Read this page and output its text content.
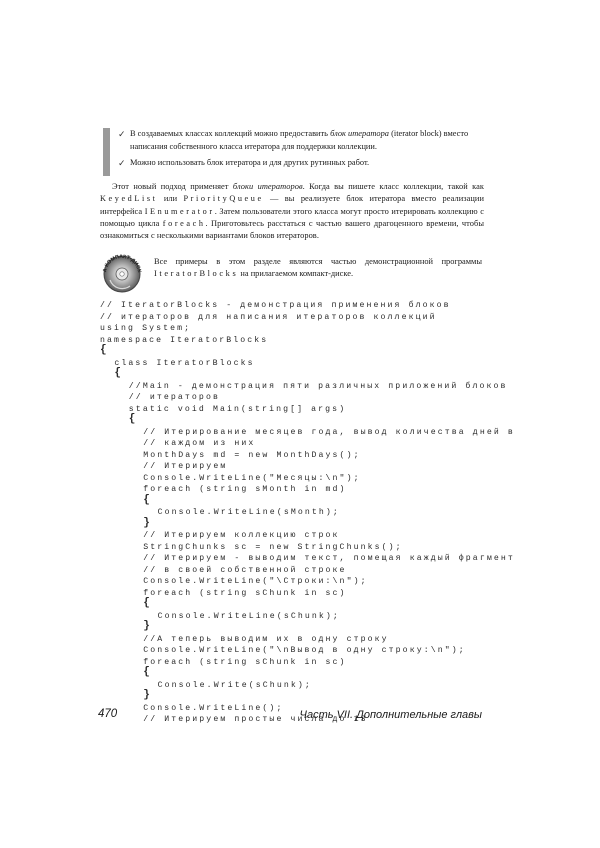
✓ В создаваемых классах коллекций можно предоставить блок итератора (iterator block) вместо написания собственного класса итератора для поддержки коллекции.
✓ Можно использовать блок итератора и для других рутинных работ.
Этот новый подход применяет блоки итераторов. Когда вы пишете класс коллекции, такой как KeyedList или PriorityQueue — вы реализуете блок итератора вместо реализации интерфейса IEnumerator. Затем пользователи этого класса могут просто итерировать коллекцию с помощью цикла foreach. Приготовьтесь расстаться с частью вашего драгоценного времени, чтобы ознакомиться с несколькими вариантами блоков итераторов.
А КОМПАКТ-ДИСК
Все примеры в этом разделе являются частью демонстрационной программы IteratorBlocks на прилагаемом компакт-диске.
// IteratorBlocks - демонстрация применения блоков
// итераторов для написания итераторов коллекций
using System;
namespace IteratorBlocks
{
class IteratorBlocks
{
//Main - демонстрация пяти различных приложений блоков
// итераторов
static void Main(string[] args)
{
// Итерирование месяцев года, вывод количества дней в
// каждом из них
MonthDays md = new MonthDays();
// Итерируем
Console.WriteLine("Месяцы:\n");
foreach (string sMonth in md)
{
Console.WriteLine(sMonth);
}
// Итерируем коллекцию строк
StringChunks sc = new StringChunks();
// Итерируем - выводим текст, помещая каждый фрагмент
// в своей собственной строке
Console.WriteLine("\Строки:\n");
foreach (string sChunk in sc)
{
Console.WriteLine(sChunk);
}
//А теперь выводим их в одну строку
Console.WriteLine("\nВывод в одну строку:\n");
foreach (string sChunk in sc)
{
Console.Write(sChunk);
}
Console.WriteLine();
// Итерируем простые числа до 13
470	Часть VII. Дополнительные главы
